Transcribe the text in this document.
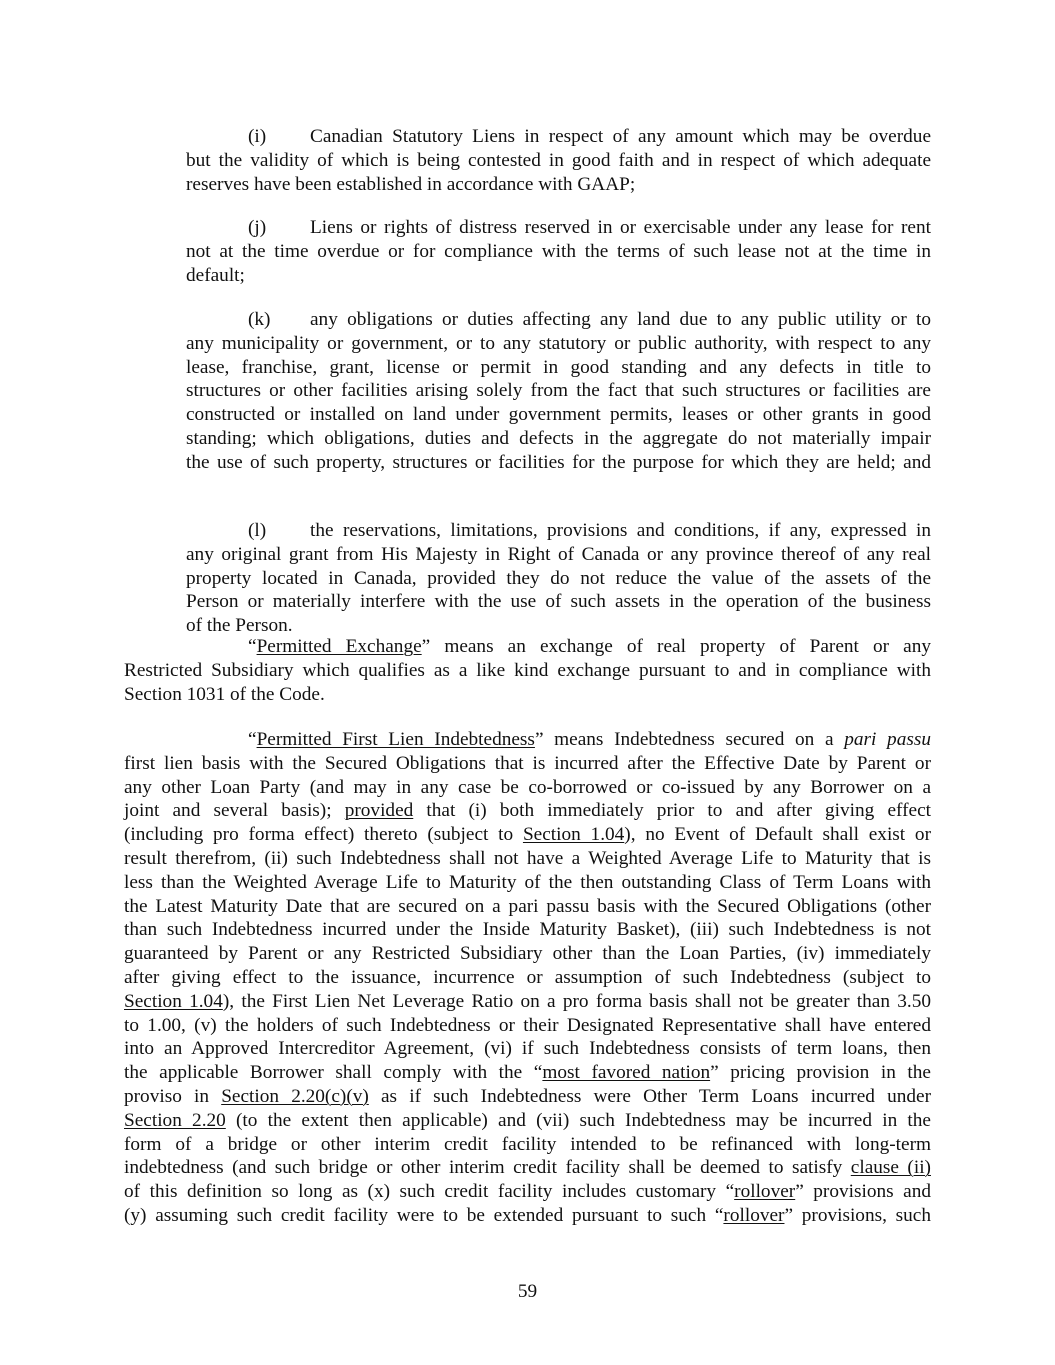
(i) Canadian Statutory Liens in respect of any amount which may be overdue
but the validity of which is being contested in good faith and in respect of which adequate
reserves have been established in accordance with GAAP;
(j) Liens or rights of distress reserved in or exercisable under any lease for rent
not at the time overdue or for compliance with the terms of such lease not at the time in
default;
(k) any obligations or duties affecting any land due to any public utility or to
any municipality or government, or to any statutory or public authority, with respect to any
lease, franchise, grant, license or permit in good standing and any defects in title to
structures or other facilities arising solely from the fact that such structures or facilities are
constructed or installed on land under government permits, leases or other grants in good
standing; which obligations, duties and defects in the aggregate do not materially impair
the use of such property, structures or facilities for the purpose for which they are held; and
(l) the reservations, limitations, provisions and conditions, if any, expressed in
any original grant from His Majesty in Right of Canada or any province thereof of any real
property located in Canada, provided they do not reduce the value of the assets of the
Person or materially interfere with the use of such assets in the operation of the business
of the Person.
“Permitted Exchange” means an exchange of real property of Parent or any
Restricted Subsidiary which qualifies as a like kind exchange pursuant to and in compliance with
Section 1031 of the Code.
“Permitted First Lien Indebtedness” means Indebtedness secured on a pari passu
first lien basis with the Secured Obligations that is incurred after the Effective Date by Parent or
any other Loan Party (and may in any case be co-borrowed or co-issued by any Borrower on a
joint and several basis); provided that (i) both immediately prior to and after giving effect
(including pro forma effect) thereto (subject to Section 1.04), no Event of Default shall exist or
result therefrom, (ii) such Indebtedness shall not have a Weighted Average Life to Maturity that is
less than the Weighted Average Life to Maturity of the then outstanding Class of Term Loans with
the Latest Maturity Date that are secured on a pari passu basis with the Secured Obligations (other
than such Indebtedness incurred under the Inside Maturity Basket), (iii) such Indebtedness is not
guaranteed by Parent or any Restricted Subsidiary other than the Loan Parties, (iv) immediately
after giving effect to the issuance, incurrence or assumption of such Indebtedness (subject to
Section 1.04), the First Lien Net Leverage Ratio on a pro forma basis shall not be greater than 3.50
to 1.00, (v) the holders of such Indebtedness or their Designated Representative shall have entered
into an Approved Intercreditor Agreement, (vi) if such Indebtedness consists of term loans, then
the applicable Borrower shall comply with the “most favored nation” pricing provision in the
proviso in Section 2.20(c)(v) as if such Indebtedness were Other Term Loans incurred under
Section 2.20 (to the extent then applicable) and (vii) such Indebtedness may be incurred in the
form of a bridge or other interim credit facility intended to be refinanced with long-term
indebtedness (and such bridge or other interim credit facility shall be deemed to satisfy clause (ii)
of this definition so long as (x) such credit facility includes customary “rollover” provisions and
(y) assuming such credit facility were to be extended pursuant to such “rollover” provisions, such
59
